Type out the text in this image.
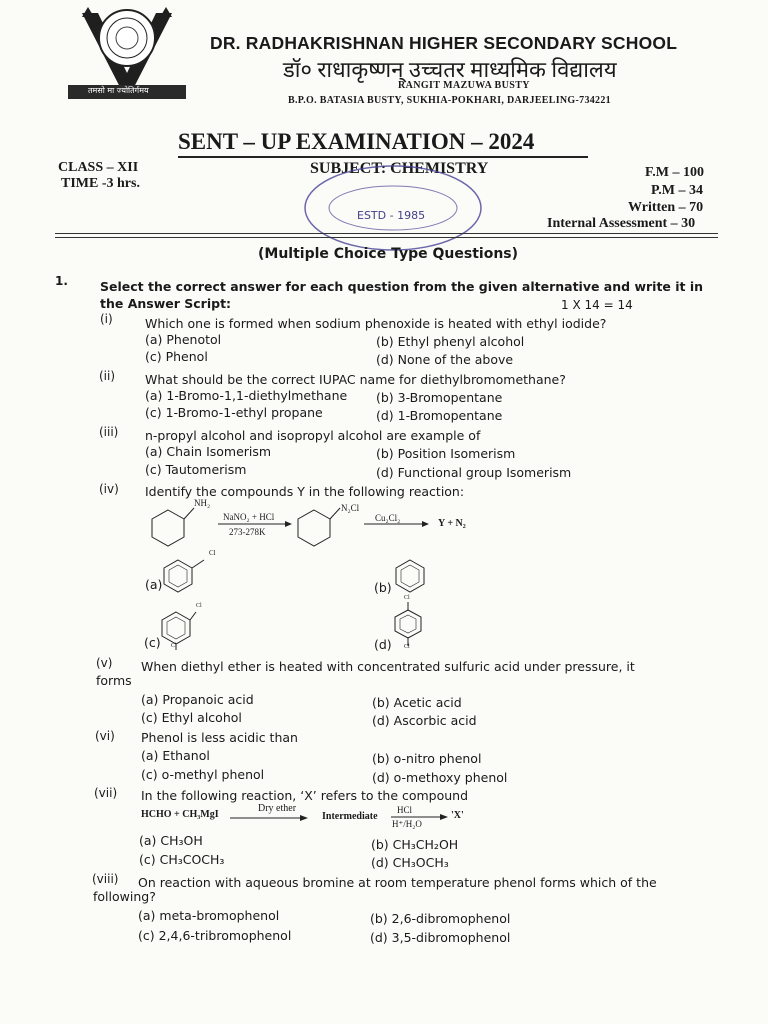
तमसो मा ज्योतिर्गमय
DR. RADHAKRISHNAN HIGHER SECONDARY SCHOOL
डॉ० राधाकृष्णन् उच्चतर माध्यमिक विद्यालय
RANGIT MAZUWA BUSTY
B.P.O. BATASIA BUSTY, SUKHIA-POKHARI, DARJEELING-734221
SENT – UP EXAMINATION – 2024
CLASS – XII
TIME -3 hrs.
SUBJECT: CHEMISTRY	F.M – 100
P.M – 34
Written – 70
Internal Assessment – 30
ESTD - 1985
(Multiple Choice Type Questions)
1.	Select the correct answer for each question from the given alternative and write it in the Answer Script:	1 X 14 = 14
(i)	Which one is formed when sodium phenoxide is heated with ethyl iodide?
(a) Phenotol	(b) Ethyl phenyl alcohol
(c) Phenol	(d) None of the above
(ii) What should be the correct IUPAC name for diethylbromomethane?
(a) 1-Bromo-1,1-diethylmethane (b) 3-Bromopentane
(c) 1-Bromo-1-ethyl propane	(d) 1-Bromopentane
(iii) n-propyl alcohol and isopropyl alcohol are example of
(a) Chain Isomerism	(b) Position Isomerism
(c) Tautomerism	(d) Functional group Isomerism
(iv) Identify the compounds Y in the following reaction:
NH₂
NaNO₂ + HCl
273-278K
N₂Cl
Cu₂Cl₂	Y + N₂
(a)
Cl
(b)
(c)
Cl
Cl	(d)
Cl
Cl
(v) When diethyl ether is heated with concentrated sulfuric acid under pressure, it
forms
(a) Propanoic acid	(b) Acetic acid
(c) Ethyl alcohol	(d) Ascorbic acid
(vi) Phenol is less acidic than
(a) Ethanol	(b) o-nitro phenol
(c) o-methyl phenol	(d) o-methoxy phenol
(vii) In the following reaction, ‘X’ refers to the compound
HCHO + CH₃MgI
Dry ether
Intermediate
HCl
H⁺/H₂O
'X'
(a) CH₃OH	(b) CH₃CH₂OH
(c) CH₃COCH₃	(d) CH₃OCH₃
(viii) On reaction with aqueous bromine at room temperature phenol forms which of the
following?
(a) meta-bromophenol	(b) 2,6-dibromophenol
(c) 2,4,6-tribromophenol	(d) 3,5-dibromophenol
